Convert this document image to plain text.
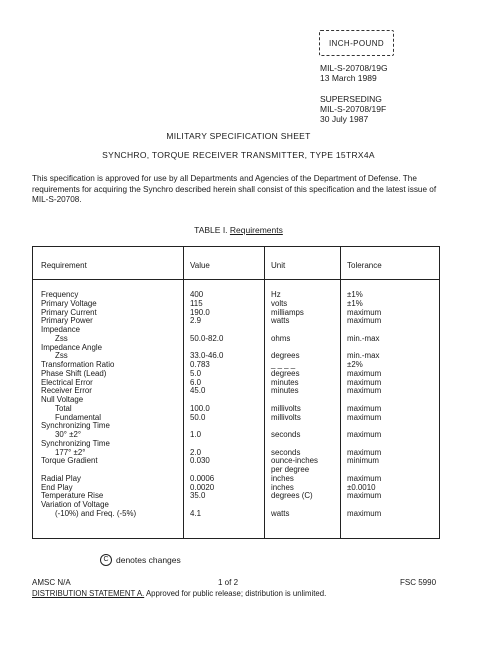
INCH-POUND
MIL-S-20708/19G
13 March 1989
SUPERSEDING
MIL-S-20708/19F
30 July 1987
MILITARY SPECIFICATION SHEET
SYNCHRO, TORQUE RECEIVER TRANSMITTER, TYPE 15TRX4A
This specification is approved for use by all Departments and Agencies of the Department of Defense. The requirements for acquiring the Synchro described herein shall consist of this specification and the latest issue of MIL-S-20708.
TABLE I. Requirements
Requirement	Value	Unit	Tolerance
Frequency	400	Hz	±1%
Primary Voltage	115	volts	±1%
Primary Current	190.0	milliamps	maximum
Primary Power	2.9	watts	maximum
Impedance
Zss	50.0-82.0	ohms	min.-max
Impedance Angle
Zss	33.0-46.0	degrees	min.-max
Transformation Ratio	0.783	_ _ _ _	±2%
Phase Shift (Lead)	5.0	degrees	maximum
Electrical Error	6.0	minutes	maximum
Receiver Error	45.0	minutes	maximum
Null Voltage
Total	100.0	millivolts	maximum
Fundamental	50.0	millivolts	maximum
Synchronizing Time
30° ±2°	1.0	seconds	maximum
Synchronizing Time
177° ±2°	2.0	seconds	maximum
Torque Gradient	0.030	ounce-inches	minimum
per degree
Radial Play	0.0006	inches	maximum
End Play	0.0020	inches	±0.0010
Temperature Rise	35.0	degrees (C)	maximum
Variation of Voltage
(-10%) and Freq. (-5%)	4.1	watts	maximum
C denotes changes
AMSC N/A	1 of 2	FSC 5990
DISTRIBUTION STATEMENT A. Approved for public release; distribution is unlimited.
